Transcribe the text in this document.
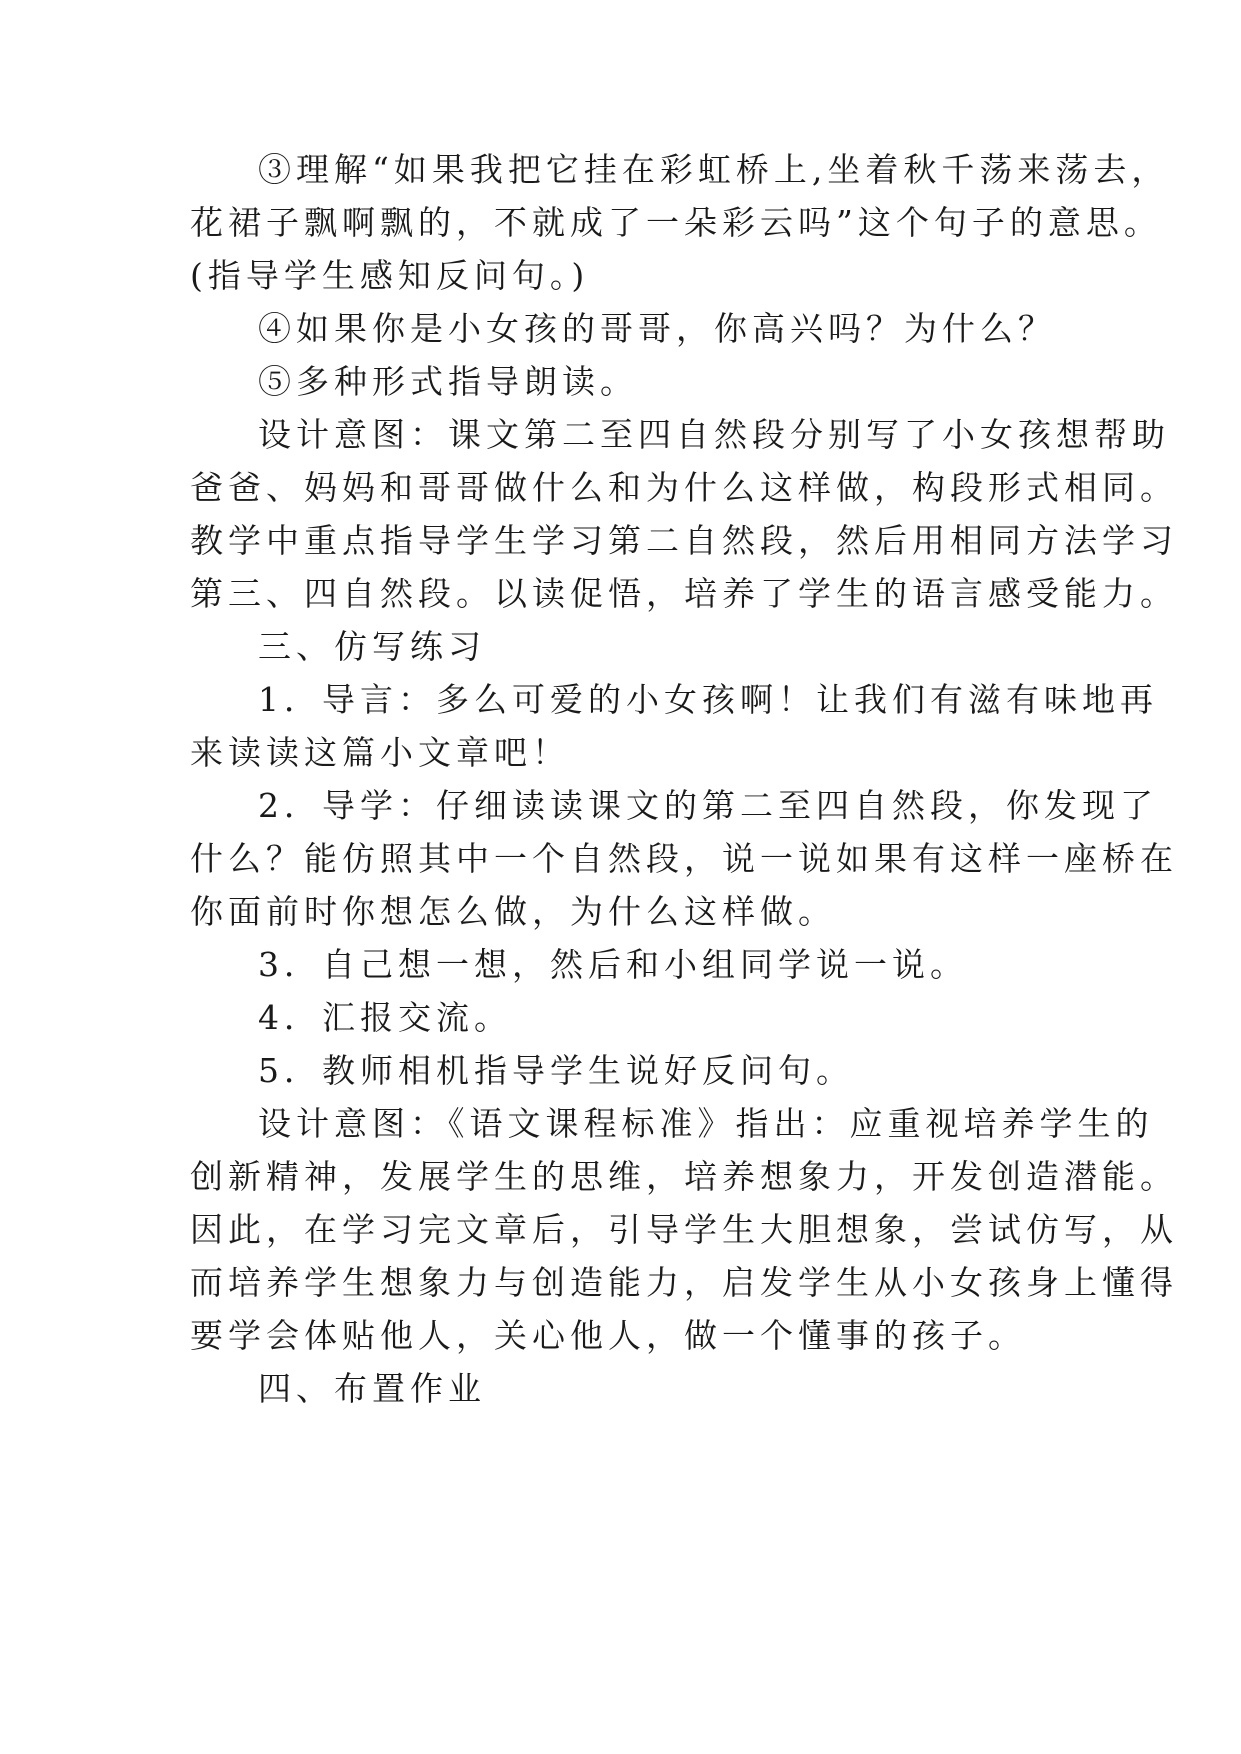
③理解“如果我把它挂在彩虹桥上,坐着秋千荡来荡去，
花裙子飘啊飘的，不就成了一朵彩云吗”这个句子的意思。
(指导学生感知反问句。)
④如果你是小女孩的哥哥，你高兴吗？为什么？
⑤多种形式指导朗读。
设计意图：课文第二至四自然段分别写了小女孩想帮助
爸爸、妈妈和哥哥做什么和为什么这样做，构段形式相同。
教学中重点指导学生学习第二自然段，然后用相同方法学习
第三、四自然段。以读促悟，培养了学生的语言感受能力。
三、仿写练习
1．导言：多么可爱的小女孩啊！让我们有滋有味地再
来读读这篇小文章吧！
2．导学：仔细读读课文的第二至四自然段，你发现了
什么？能仿照其中一个自然段，说一说如果有这样一座桥在
你面前时你想怎么做，为什么这样做。
3．自己想一想，然后和小组同学说一说。
4．汇报交流。
5．教师相机指导学生说好反问句。
设计意图：《语文课程标准》指出：应重视培养学生的
创新精神，发展学生的思维，培养想象力，开发创造潜能。
因此，在学习完文章后，引导学生大胆想象，尝试仿写，从
而培养学生想象力与创造能力，启发学生从小女孩身上懂得
要学会体贴他人，关心他人，做一个懂事的孩子。
四、布置作业
